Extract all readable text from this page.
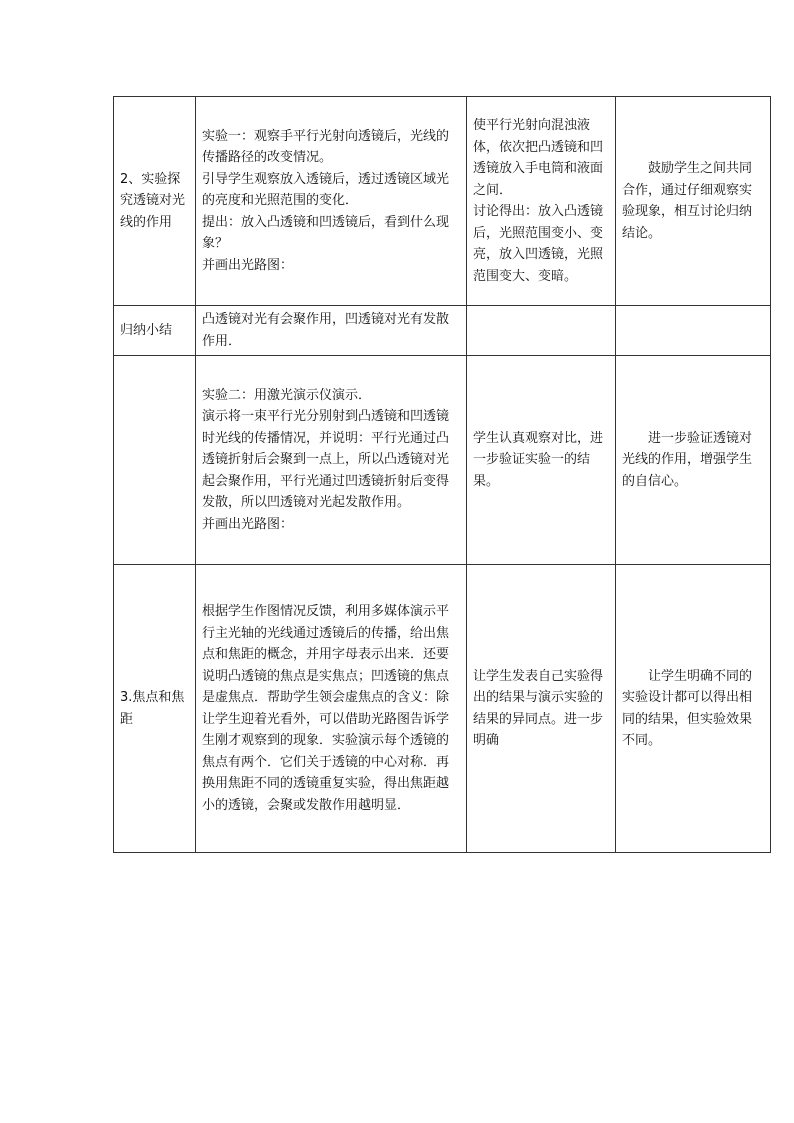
2、实验探究透镜对光线的作用	实验一：观察手平行光射向透镜后，光线的传播路径的改变情况。
引导学生观察放入透镜后，透过透镜区域光的亮度和光照范围的变化．
提出：放入凸透镜和凹透镜后，看到什么现象？
并画出光路图：	使平行光射向混浊液体，依次把凸透镜和凹透镜放入手电筒和液面之间．
讨论得出：放入凸透镜后，光照范围变小、变亮，放入凹透镜，光照范围变大、变暗。	鼓励学生之间共同合作，通过仔细观察实验现象，相互讨论归纳结论。
归纳小结	凸透镜对光有会聚作用，凹透镜对光有发散作用．		

	实验二：用激光演示仪演示．
演示将一束平行光分别射到凸透镜和凹透镜时光线的传播情况，并说明：平行光通过凸透镜折射后会聚到一点上，所以凸透镜对光起会聚作用，平行光通过凹透镜折射后变得发散，所以凹透镜对光起发散作用。
并画出光路图：	学生认真观察对比，进一步验证实验一的结果。	进一步验证透镜对光线的作用，增强学生的自信心。
3.焦点和焦距	根据学生作图情况反馈，利用多媒体演示平行主光轴的光线通过透镜后的传播，给出焦点和焦距的概念，并用字母表示出来．还要说明凸透镜的焦点是实焦点；凹透镜的焦点是虚焦点．帮助学生领会虚焦点的含义：除让学生迎着光看外，可以借助光路图告诉学生刚才观察到的现象．实验演示每个透镜的焦点有两个．它们关于透镜的中心对称．再换用焦距不同的透镜重复实验，得出焦距越小的透镜，会聚或发散作用越明显．	让学生发表自己实验得出的结果与演示实验的结果的异同点。进一步明确	让学生明确不同的实验设计都可以得出相同的结果，但实验效果不同。
